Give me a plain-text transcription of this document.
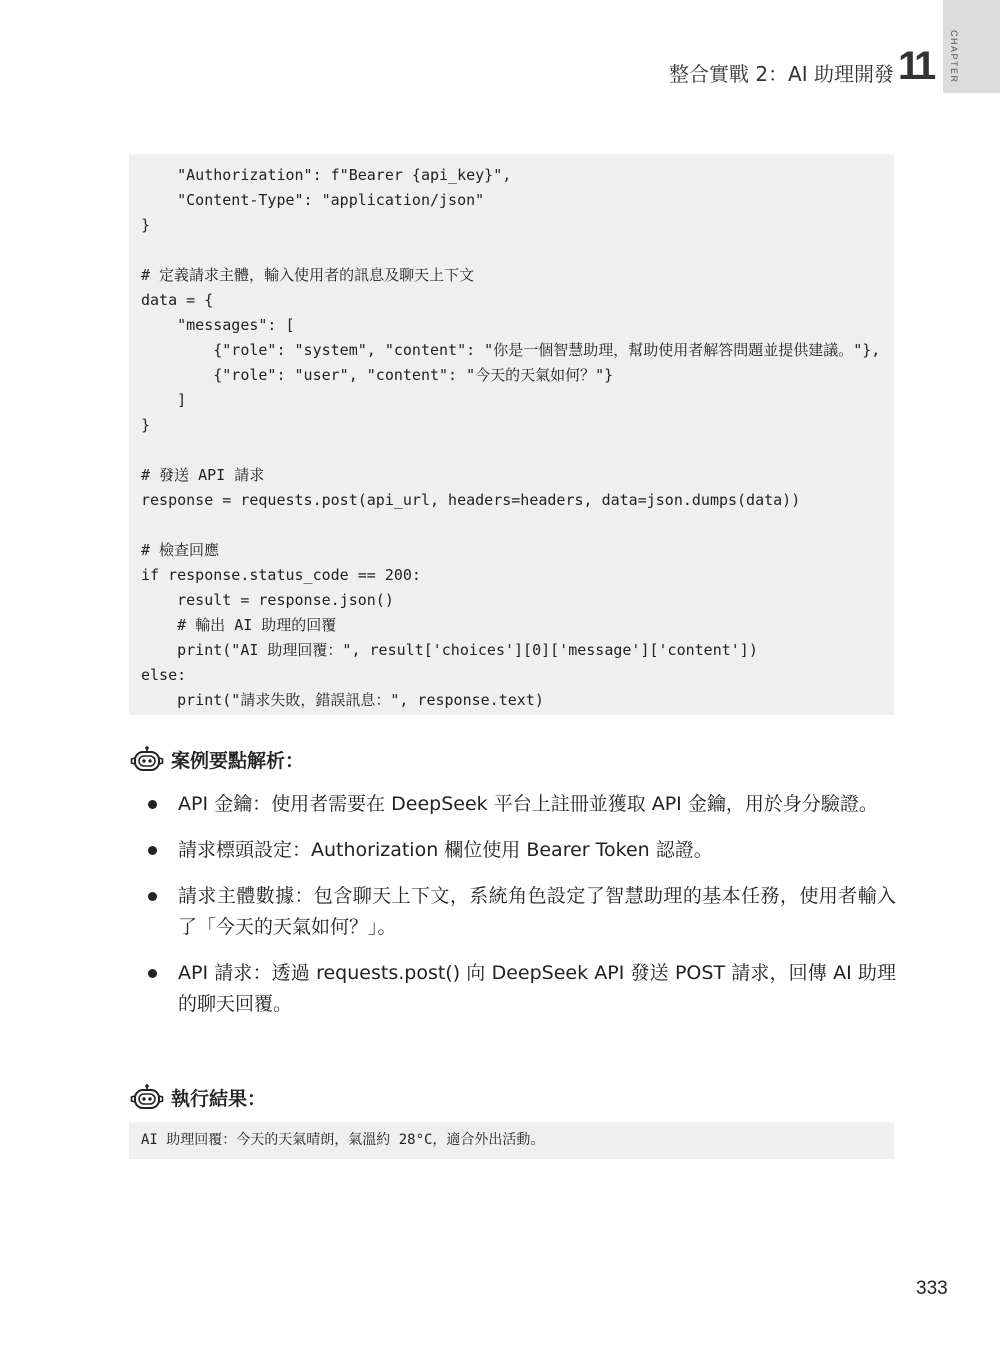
CHAPTER
整合實戰 2：AI 助理開發 11
"Authorization": f"Bearer {api_key}",
"Content-Type": "application/json"
}
# 定義請求主體，輸入使用者的訊息及聊天上下文
data = {
"messages": [
{"role": "system", "content": "你是一個智慧助理，幫助使用者解答問題並提供建議。"},
{"role": "user", "content": "今天的天氣如何？"}
]
}
# 發送 API 請求
response = requests.post(api_url, headers=headers, data=json.dumps(data))
# 檢查回應
if response.status_code == 200:
result = response.json()
# 輸出 AI 助理的回覆
print("AI 助理回覆：", result['choices'][0]['message']['content'])
else:
print("請求失敗，錯誤訊息：", response.text)
案例要點解析：
API 金鑰：使用者需要在 DeepSeek 平台上註冊並獲取 API 金鑰，用於身分驗證。
請求標頭設定：Authorization 欄位使用 Bearer Token 認證。
請求主體數據：包含聊天上下文，系統角色設定了智慧助理的基本任務，使用者輸入了「今天的天氣如何？」。
API 請求：透過 requests.post() 向 DeepSeek API 發送 POST 請求，回傳 AI 助理的聊天回覆。
執行結果：
AI 助理回覆：今天的天氣晴朗，氣溫約 28°C，適合外出活動。
333
